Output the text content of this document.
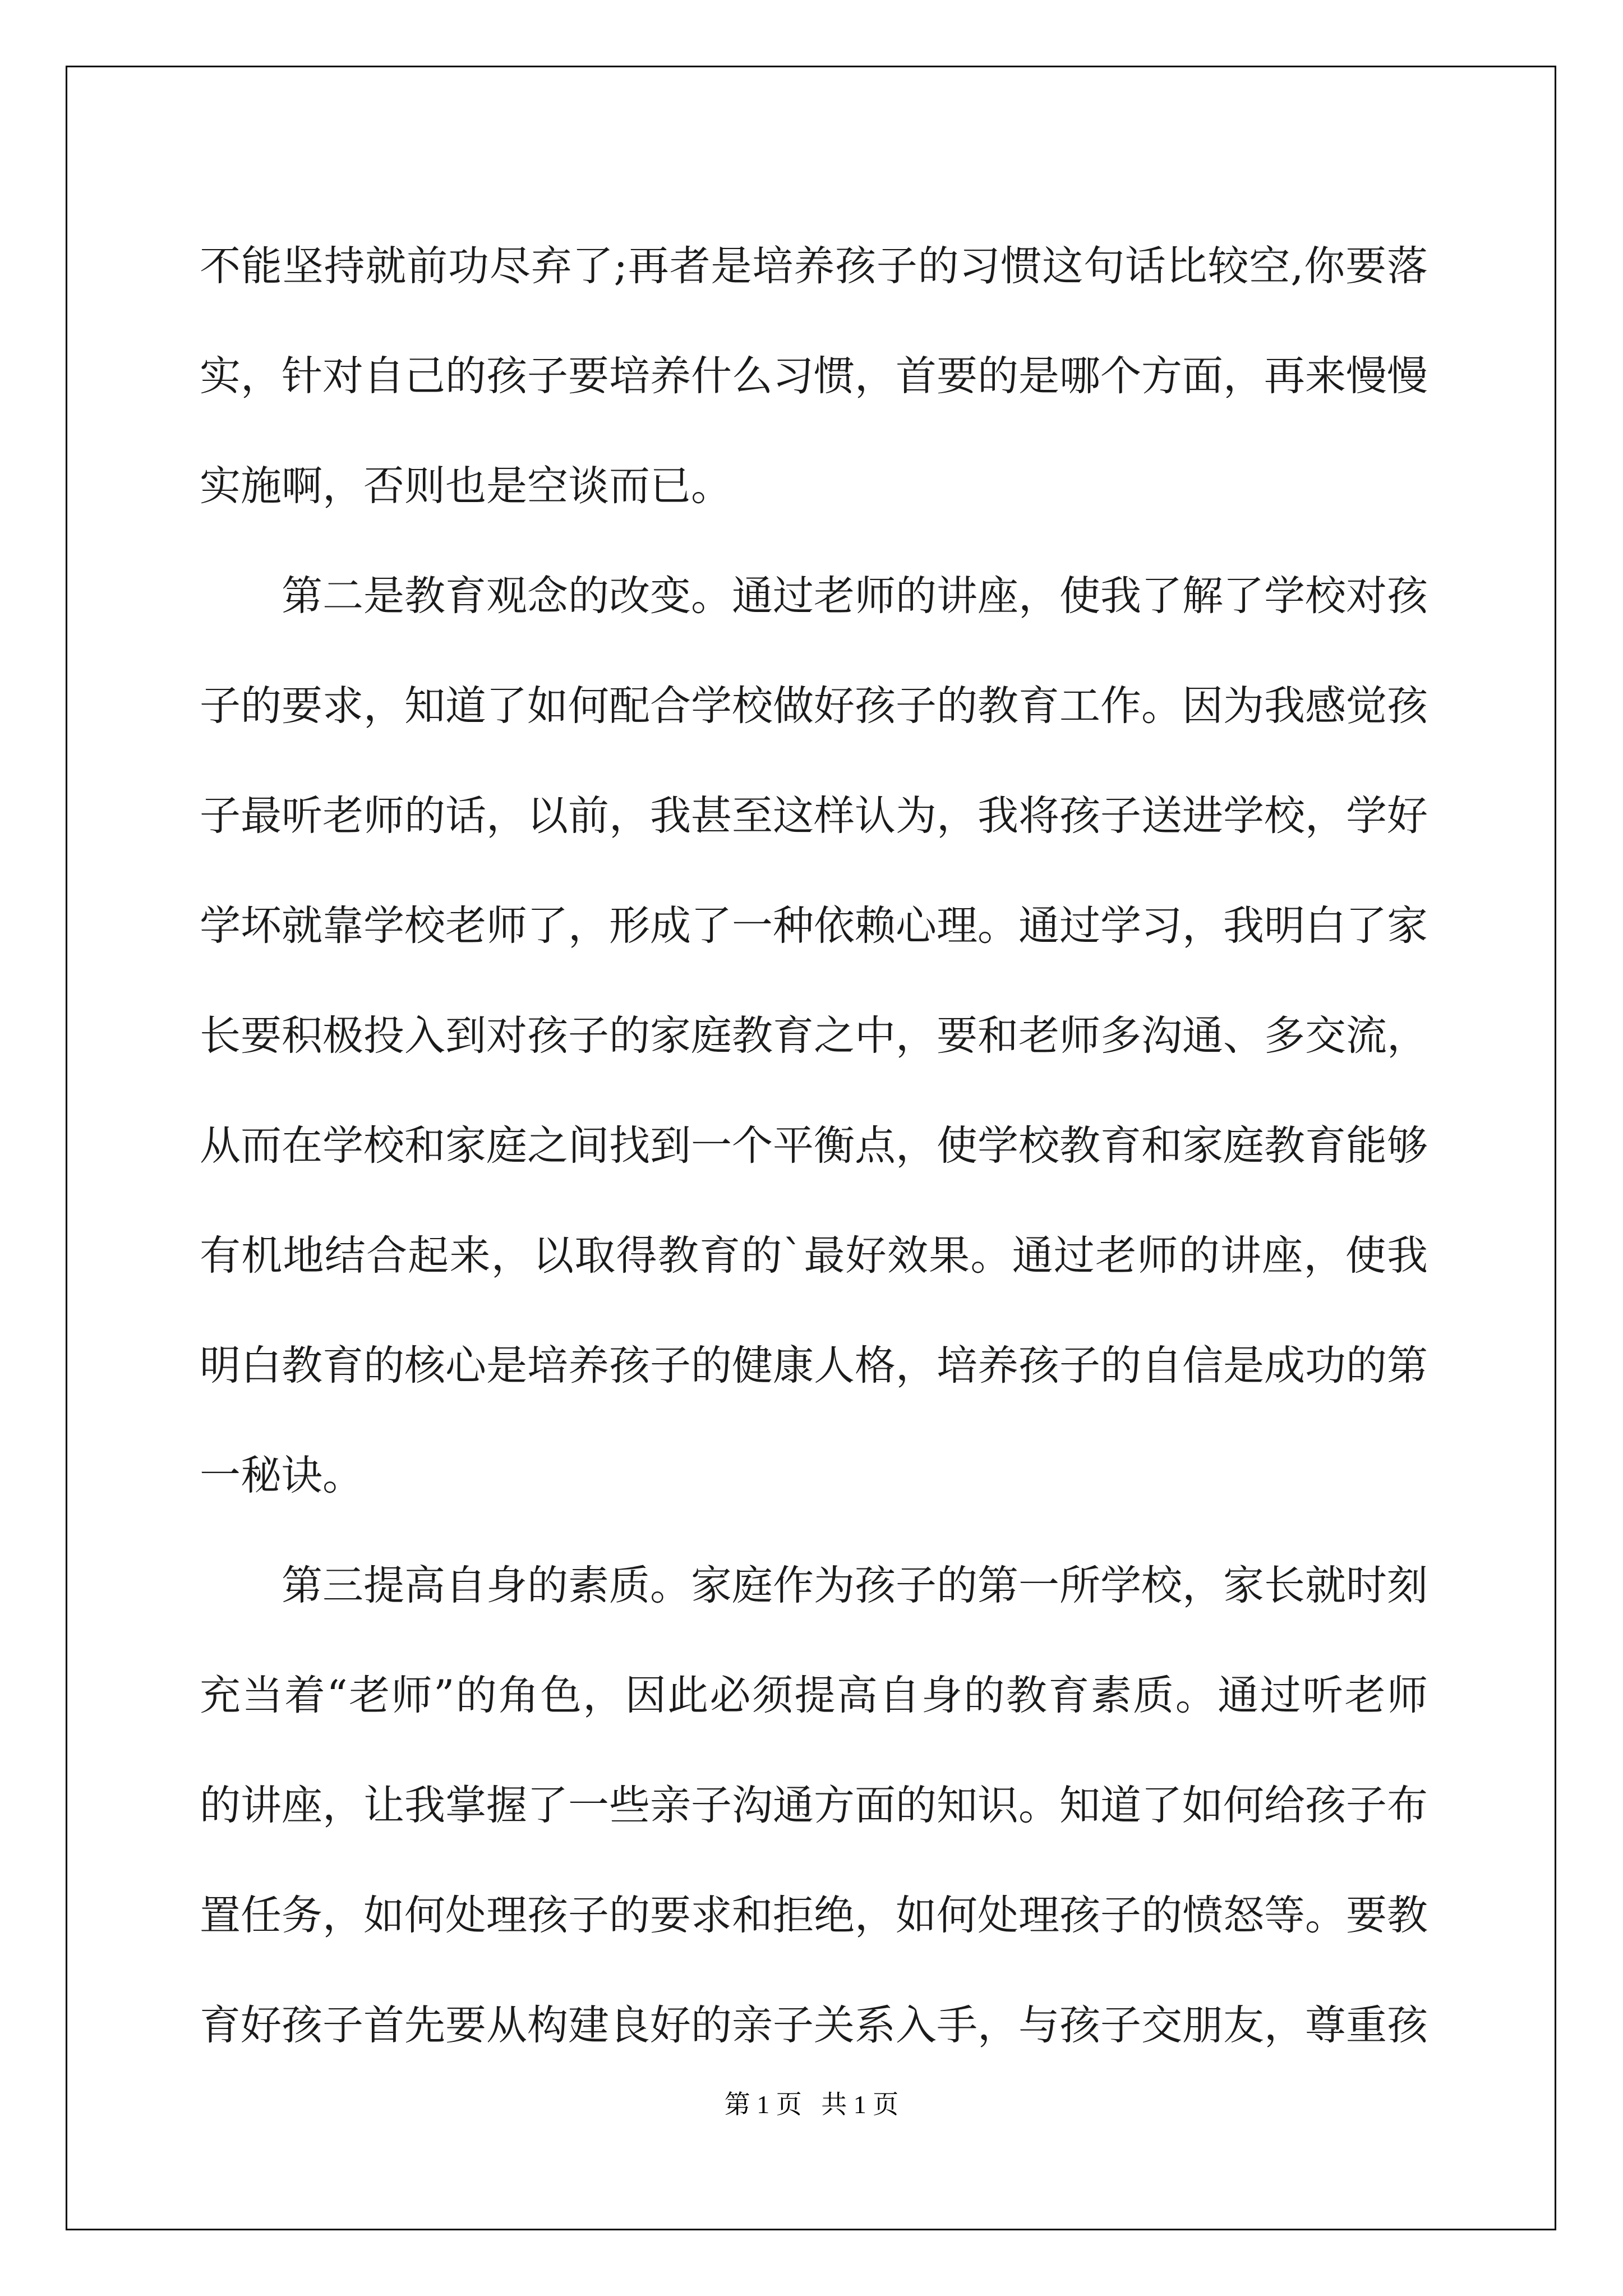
不能坚持就前功尽弃了;再者是培养孩子的习惯这句话比较空,你要落实，针对自己的孩子要培养什么习惯，首要的是哪个方面，再来慢慢实施啊，否则也是空谈而已。

第二是教育观念的改变。通过老师的讲座，使我了解了学校对孩子的要求，知道了如何配合学校做好孩子的教育工作。因为我感觉孩子最听老师的话，以前，我甚至这样认为，我将孩子送进学校，学好学坏就靠学校老师了，形成了一种依赖心理。通过学习，我明白了家长要积极投入到对孩子的家庭教育之中，要和老师多沟通、多交流，从而在学校和家庭之间找到一个平衡点，使学校教育和家庭教育能够有机地结合起来，以取得教育的`最好效果。通过老师的讲座，使我明白教育的核心是培养孩子的健康人格，培养孩子的自信是成功的第一秘诀。

第三提高自身的素质。家庭作为孩子的第一所学校，家长就时刻充当着“老师”的角色，因此必须提高自身的教育素质。通过听老师的讲座，让我掌握了一些亲子沟通方面的知识。知道了如何给孩子布置任务，如何处理孩子的要求和拒绝，如何处理孩子的愤怒等。要教育好孩子首先要从构建良好的亲子关系入手，与孩子交朋友，尊重孩

第 1 页   共 1 页
